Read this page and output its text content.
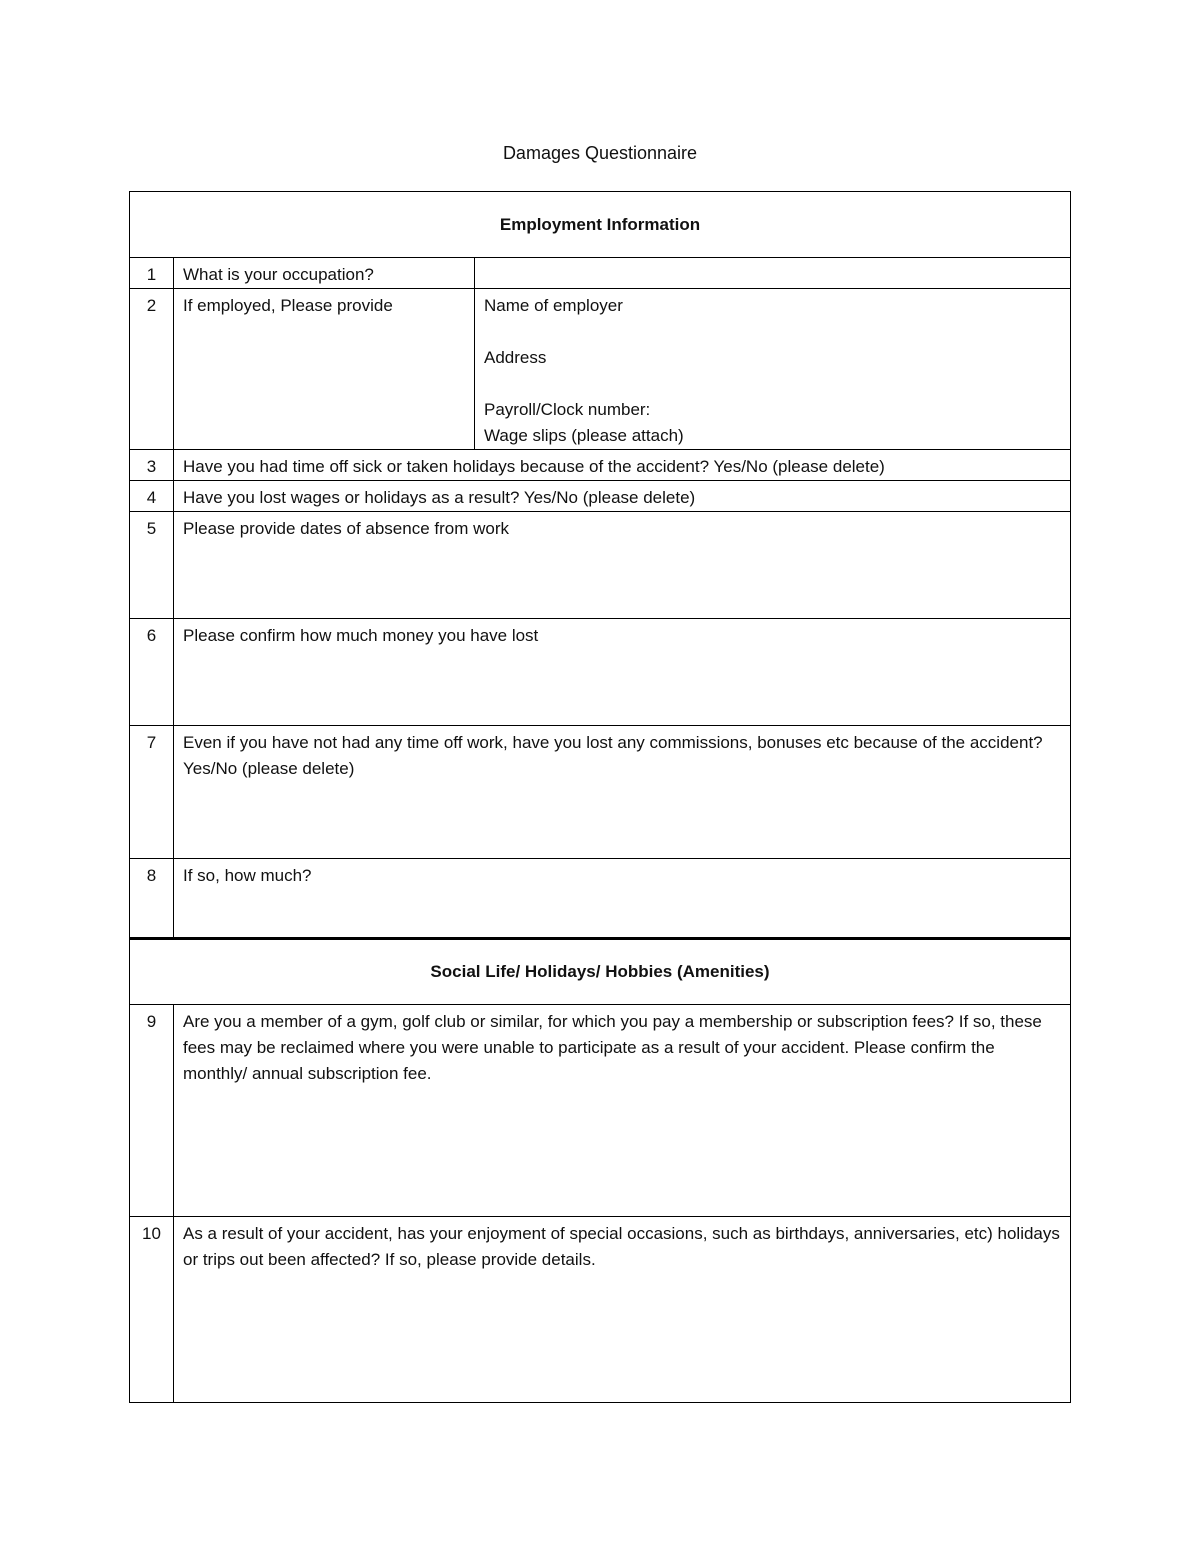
Damages Questionnaire
Employment Information		
1	What is your occupation?	
2	If employed, Please provide	Name of employer
Address
Payroll/Clock number:
Wage slips (please attach)

3	Have you had time off sick or taken holidays because of the accident? Yes/No (please delete)	
4	Have you lost wages or holidays as a result? Yes/No (please delete)	
5	Please provide dates of absence from work	
6	Please confirm how much money you have lost	
7	Even if you have not had any time off work, have you lost any commissions, bonuses etc because of the accident? Yes/No (please delete)	
8	If so, how much?	
Social Life/ Holidays/ Hobbies (Amenities)		
9	Are you a member of a gym, golf club or similar, for which you pay a membership or subscription fees? If so, these fees may be reclaimed where you were unable to participate as a result of your accident. Please confirm the monthly/ annual subscription fee.	
10	As a result of your accident, has your enjoyment of special occasions, such as birthdays, anniversaries, etc) holidays or trips out been affected? If so, please provide details.	
